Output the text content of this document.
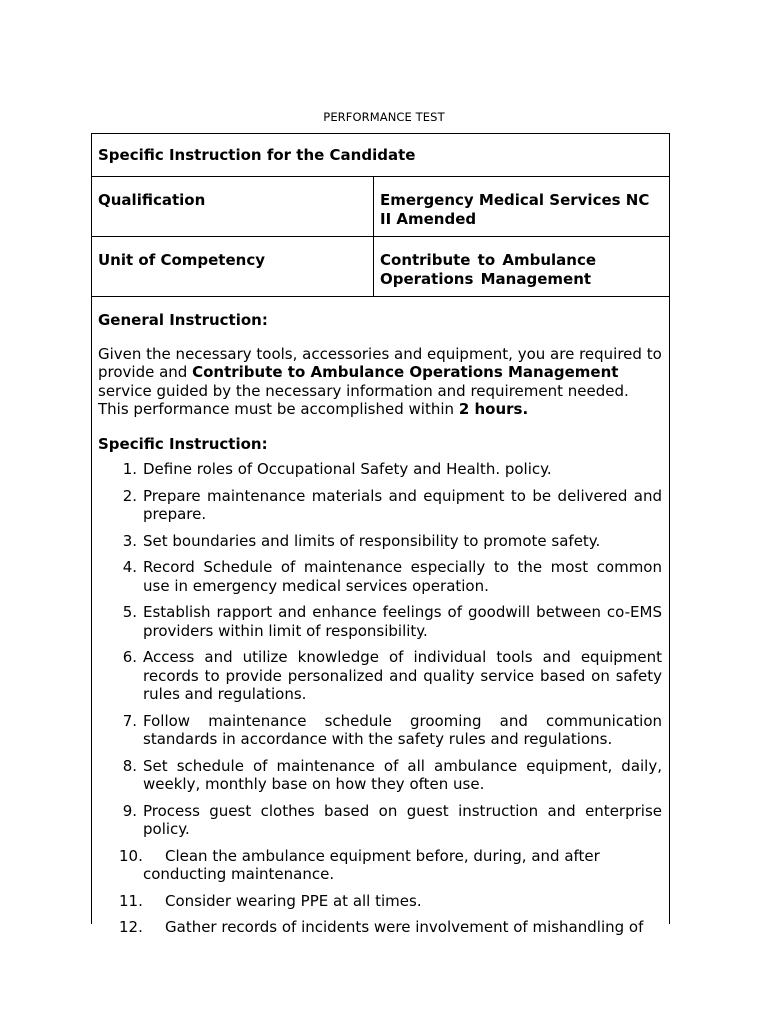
PERFORMANCE TEST
Specific Instruction for the Candidate
Qualification	Emergency Medical Services NC II Amended
Unit of Competency	Contribute to Ambulance Operations Management

General Instruction:

Given the necessary tools, accessories and equipment, you are required to provide and Contribute to Ambulance Operations Management service guided by the necessary information and requirement needed. This performance must be accomplished within 2 hours.

Specific Instruction:

1. Define roles of Occupational Safety and Health. policy.
2. Prepare maintenance materials and equipment to be delivered and prepare.
3. Set boundaries and limits of responsibility to promote safety.
4. Record Schedule of maintenance especially to the most common use in emergency medical services operation.
5. Establish rapport and enhance feelings of goodwill between co-EMS providers within limit of responsibility.
6. Access and utilize knowledge of individual tools and equipment records to provide personalized and quality service based on safety rules and regulations.
7. Follow maintenance schedule grooming and communication standards in accordance with the safety rules and regulations.
8. Set schedule of maintenance of all ambulance equipment, daily, weekly, monthly base on how they often use.
9. Process guest clothes based on guest instruction and enterprise policy.
10. Clean the ambulance equipment before, during, and after
conducting maintenance.
11. Consider wearing PPE at all times.
12. Gather records of incidents were involvement of mishandling of
